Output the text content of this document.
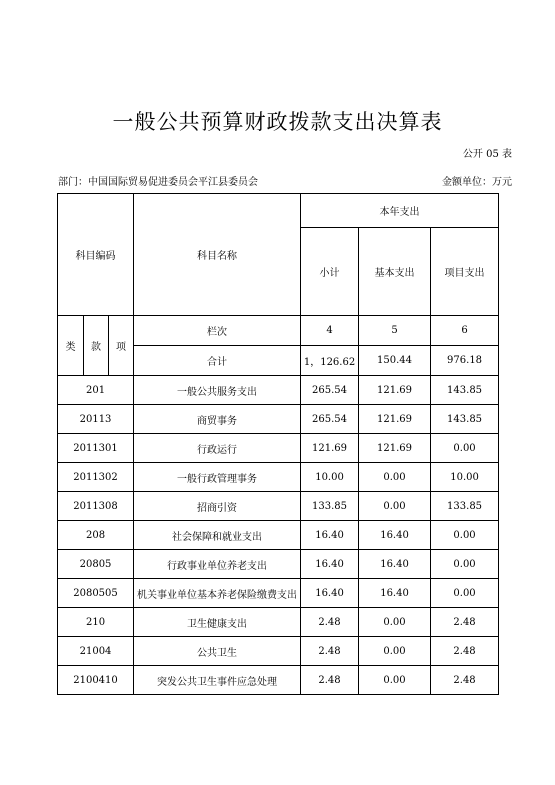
一般公共预算财政拨款支出决算表
公开 05 表
部门：中国国际贸易促进委员会平江县委员会	金额单位：万元
科目编码			科目名称	本年支出		
				小计	基本支出	项目支出
类	款	项	栏次	4	5	6
			合计	1，126.62	150.44	976.18
201			一般公共服务支出	265.54	121.69	143.85
20113			商贸事务	265.54	121.69	143.85
2011301			行政运行	121.69	121.69	0.00
2011302			一般行政管理事务	10.00	0.00	10.00
2011308			招商引资	133.85	0.00	133.85
208			社会保障和就业支出	16.40	16.40	0.00
20805			行政事业单位养老支出	16.40	16.40	0.00
2080505			机关事业单位基本养老保险缴费支出	16.40	16.40	0.00
210			卫生健康支出	2.48	0.00	2.48
21004			公共卫生	2.48	0.00	2.48
2100410			突发公共卫生事件应急处理	2.48	0.00	2.48
